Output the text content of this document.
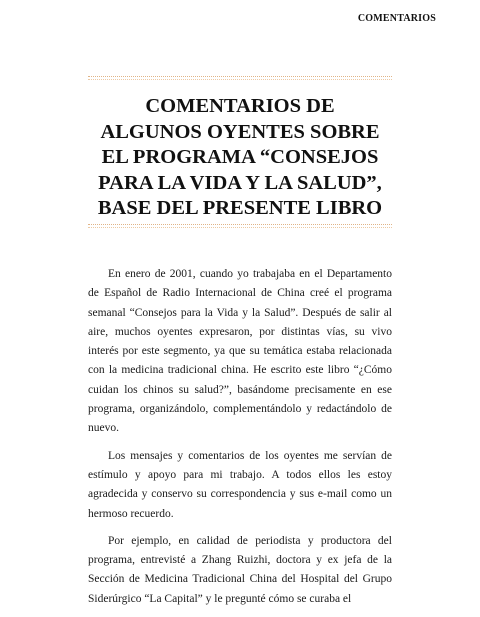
COMENTARIOS
COMENTARIOS DE
ALGUNOS OYENTES SOBRE
EL PROGRAMA “CONSEJOS
PARA LA VIDA Y LA SALUD”,
BASE DEL PRESENTE LIBRO

En enero de 2001, cuando yo trabajaba en el Departamento de Español de Radio Internacional de China creé el programa semanal “Consejos para la Vida y la Salud”. Después de salir al aire, muchos oyentes expresaron, por distintas vías, su vivo interés por este segmento, ya que su temática estaba relacionada con la medicina tradicional china. He escrito este libro “¿Cómo cuidan los chinos su salud?”, basándome precisamente en ese programa, organizándolo, complementándolo y redactándolo de nuevo.

Los mensajes y comentarios de los oyentes me servían de estímulo y apoyo para mi trabajo. A todos ellos les estoy agradecida y conservo su correspondencia y sus e-mail como un hermoso recuerdo.

Por ejemplo, en calidad de periodista y productora del programa, entrevisté a Zhang Ruizhi, doctora y ex jefa de la Sección de Medicina Tradicional China del Hospital del Grupo Siderúrgico “La Capital” y le pregunté cómo se curaba el
